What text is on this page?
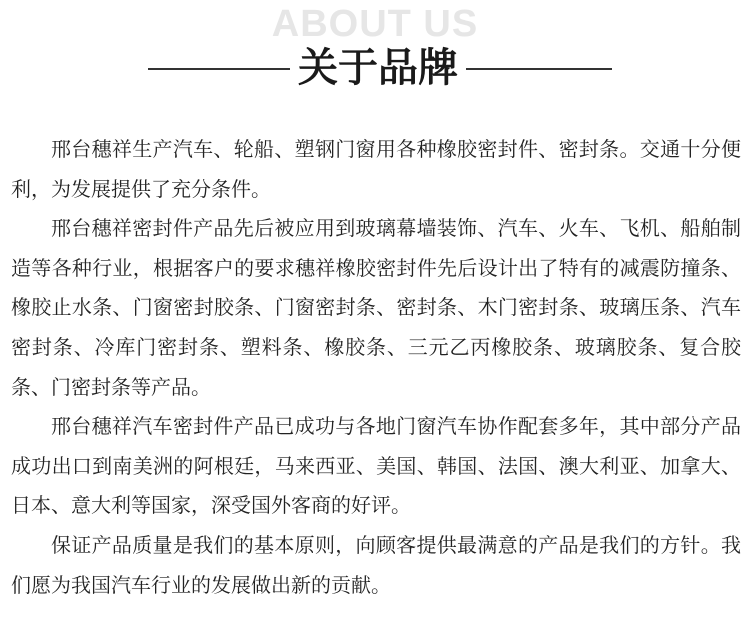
ABOUT US
关于品牌

邢台穗祥生产汽车、轮船、塑钢门窗用各种橡胶密封件、密封条。交通十分便利，为发展提供了充分条件。

邢台穗祥密封件产品先后被应用到玻璃幕墙装饰、汽车、火车、飞机、船舶制造等各种行业，根据客户的要求穗祥橡胶密封件先后设计出了特有的减震防撞条、橡胶止水条、门窗密封胶条、门窗密封条、密封条、木门密封条、玻璃压条、汽车密封条、冷库门密封条、塑料条、橡胶条、三元乙丙橡胶条、玻璃胶条、复合胶条、门密封条等产品。

邢台穗祥汽车密封件产品已成功与各地门窗汽车协作配套多年，其中部分产品成功出口到南美洲的阿根廷，马来西亚、美国、韩国、法国、澳大利亚、加拿大、日本、意大利等国家，深受国外客商的好评。

保证产品质量是我们的基本原则，向顾客提供最满意的产品是我们的方针。我们愿为我国汽车行业的发展做出新的贡献。
